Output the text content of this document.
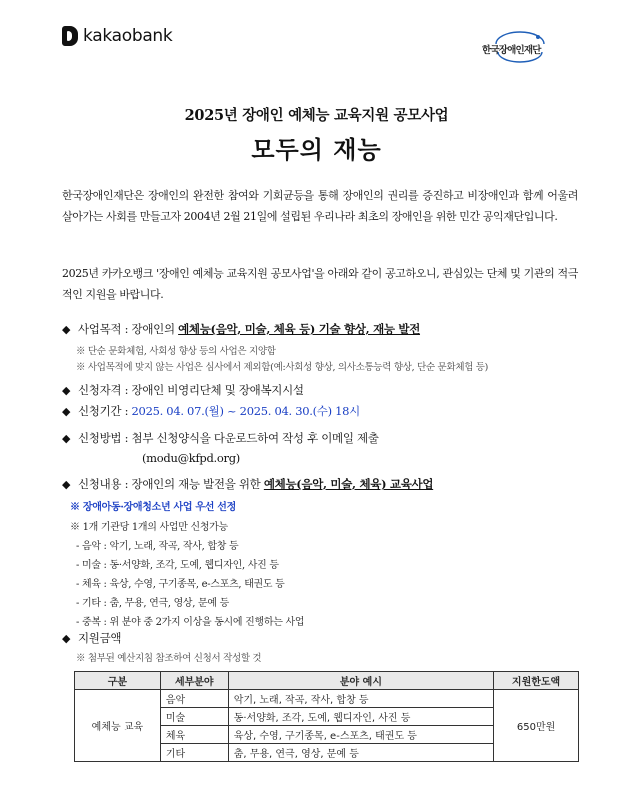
kakaobank
한국장애인재단
2025년 장애인 예체능 교육지원 공모사업
모두의 재능

한국장애인재단은 장애인의 완전한 참여와 기회균등을 통해 장애인의 권리를 증진하고 비장애인과 함께 어울려 살아가는 사회를 만들고자 2004년 2월 21일에 설립된 우리나라 최초의 장애인을 위한 민간 공익재단입니다.

2025년 카카오뱅크 '장애인 예체능 교육지원 공모사업'을 아래와 같이 공고하오니, 관심있는 단체 및 기관의 적극적인 지원을 바랍니다.

◆ 사업목적 : 장애인의 예체능(음악, 미술, 체육 등) 기술 향상, 재능 발전
※ 단순 문화체험, 사회성 향상 등의 사업은 지양함
※ 사업목적에 맞지 않는 사업은 심사에서 제외함(예:사회성 향상, 의사소통능력 향상, 단순 문화체험 등)
◆ 신청자격 : 장애인 비영리단체 및 장애복지시설
◆ 신청기간 : 2025. 04. 07.(월) ~ 2025. 04. 30.(수) 18시
◆ 신청방법 : 첨부 신청양식을 다운로드하여 작성 후 이메일 제출
(modu@kfpd.org)
◆ 신청내용 : 장애인의 재능 발전을 위한 예체능(음악, 미술, 체육) 교육사업
※ 장애아동·장애청소년 사업 우선 선정
※ 1개 기관당 1개의 사업만 신청가능
- 음악 : 악기, 노래, 작곡, 작사, 합창 등
- 미술 : 동·서양화, 조각, 도예, 웹디자인, 사진 등
- 체육 : 육상, 수영, 구기종목, e-스포츠, 태권도 등
- 기타 : 춤, 무용, 연극, 영상, 문예 등
- 중복 : 위 분야 중 2가지 이상을 동시에 진행하는 사업
◆ 지원금액
※ 첨부된 예산지침 참조하여 신청서 작성할 것
구분	세부분야	분야 예시	지원한도액
예체능 교육	음악	악기, 노래, 작곡, 작사, 합창 등	650만원
	미술	동·서양화, 조각, 도예, 웹디자인, 사진 등	
	체육	육상, 수영, 구기종목, e-스포츠, 태권도 등	
	기타	춤, 무용, 연극, 영상, 문예 등	
